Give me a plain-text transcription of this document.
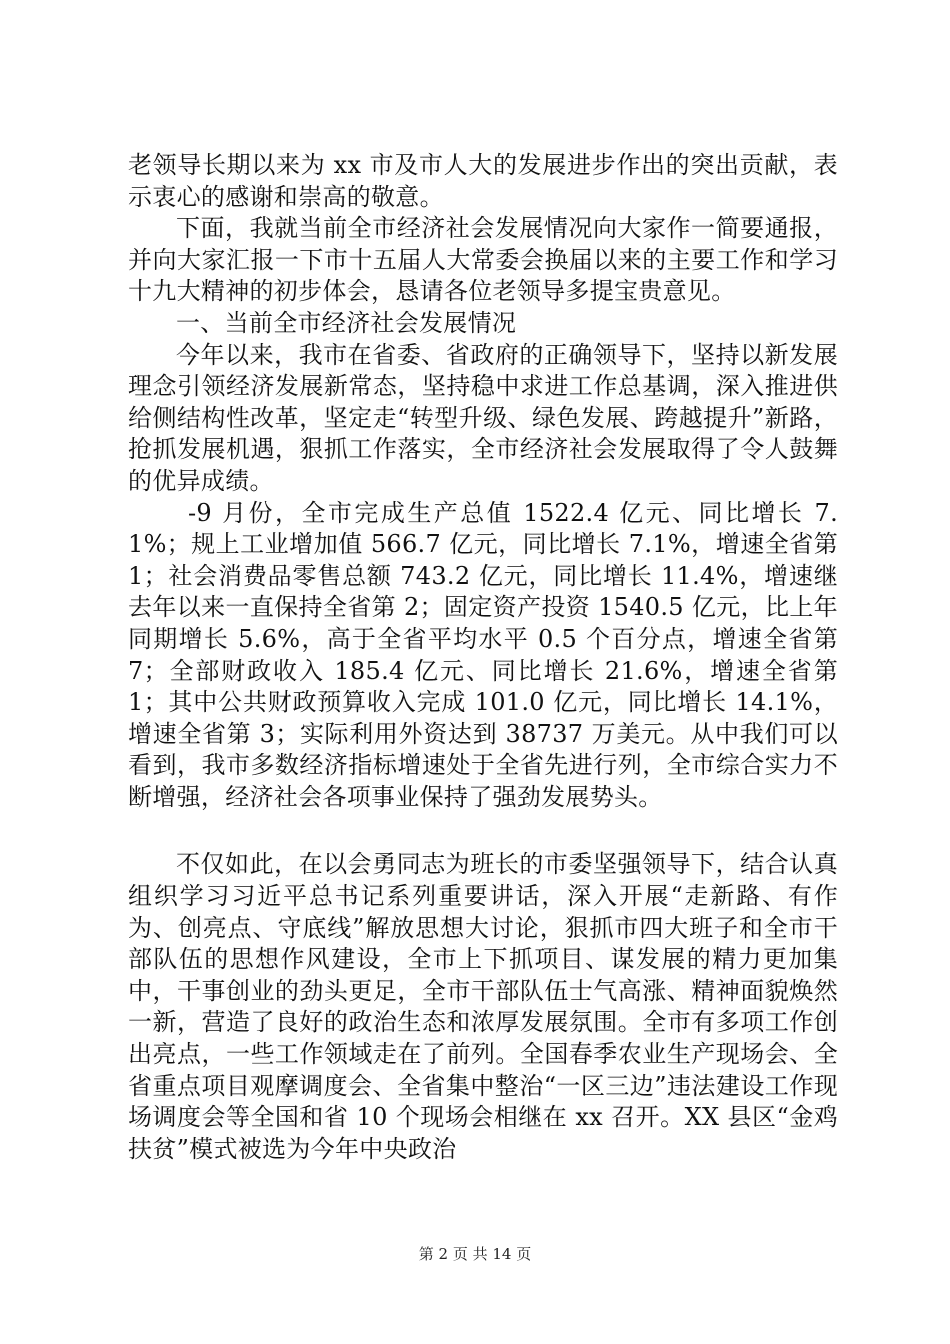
老领导长期以来为 xx 市及市人大的发展进步作出的突出贡献，表示衷心的感谢和崇高的敬意。

下面，我就当前全市经济社会发展情况向大家作一简要通报，并向大家汇报一下市十五届人大常委会换届以来的主要工作和学习十九大精神的初步体会，恳请各位老领导多提宝贵意见。

一、当前全市经济社会发展情况

今年以来，我市在省委、省政府的正确领导下，坚持以新发展理念引领经济发展新常态，坚持稳中求进工作总基调，深入推进供给侧结构性改革，坚定走“转型升级、绿色发展、跨越提升”新路，抢抓发展机遇，狠抓工作落实，全市经济社会发展取得了令人鼓舞的优异成绩。

-9 月份，全市完成生产总值 1522.4 亿元、同比增长 7.1%；规上工业增加值 566.7 亿元，同比增长 7.1%，增速全省第 1；社会消费品零售总额 743.2 亿元，同比增长 11.4%，增速继去年以来一直保持全省第 2；固定资产投资 1540.5 亿元，比上年同期增长 5.6%，高于全省平均水平 0.5 个百分点，增速全省第 7；全部财政收入 185.4 亿元、同比增长 21.6%，增速全省第 1；其中公共财政预算收入完成 101.0 亿元，同比增长 14.1%，增速全省第 3；实际利用外资达到 38737 万美元。从中我们可以看到，我市多数经济指标增速处于全省先进行列，全市综合实力不断增强，经济社会各项事业保持了强劲发展势头。

不仅如此，在以会勇同志为班长的市委坚强领导下，结合认真组织学习习近平总书记系列重要讲话，深入开展“走新路、有作为、创亮点、守底线”解放思想大讨论，狠抓市四大班子和全市干部队伍的思想作风建设，全市上下抓项目、谋发展的精力更加集中，干事创业的劲头更足，全市干部队伍士气高涨、精神面貌焕然一新，营造了良好的政治生态和浓厚发展氛围。全市有多项工作创出亮点，一些工作领域走在了前列。全国春季农业生产现场会、全省重点项目观摩调度会、全省集中整治“一区三边”违法建设工作现场调度会等全国和省 10 个现场会相继在 xx 召开。XX 县区“金鸡扶贫”模式被选为今年中央政治

第 2 页 共 14 页
